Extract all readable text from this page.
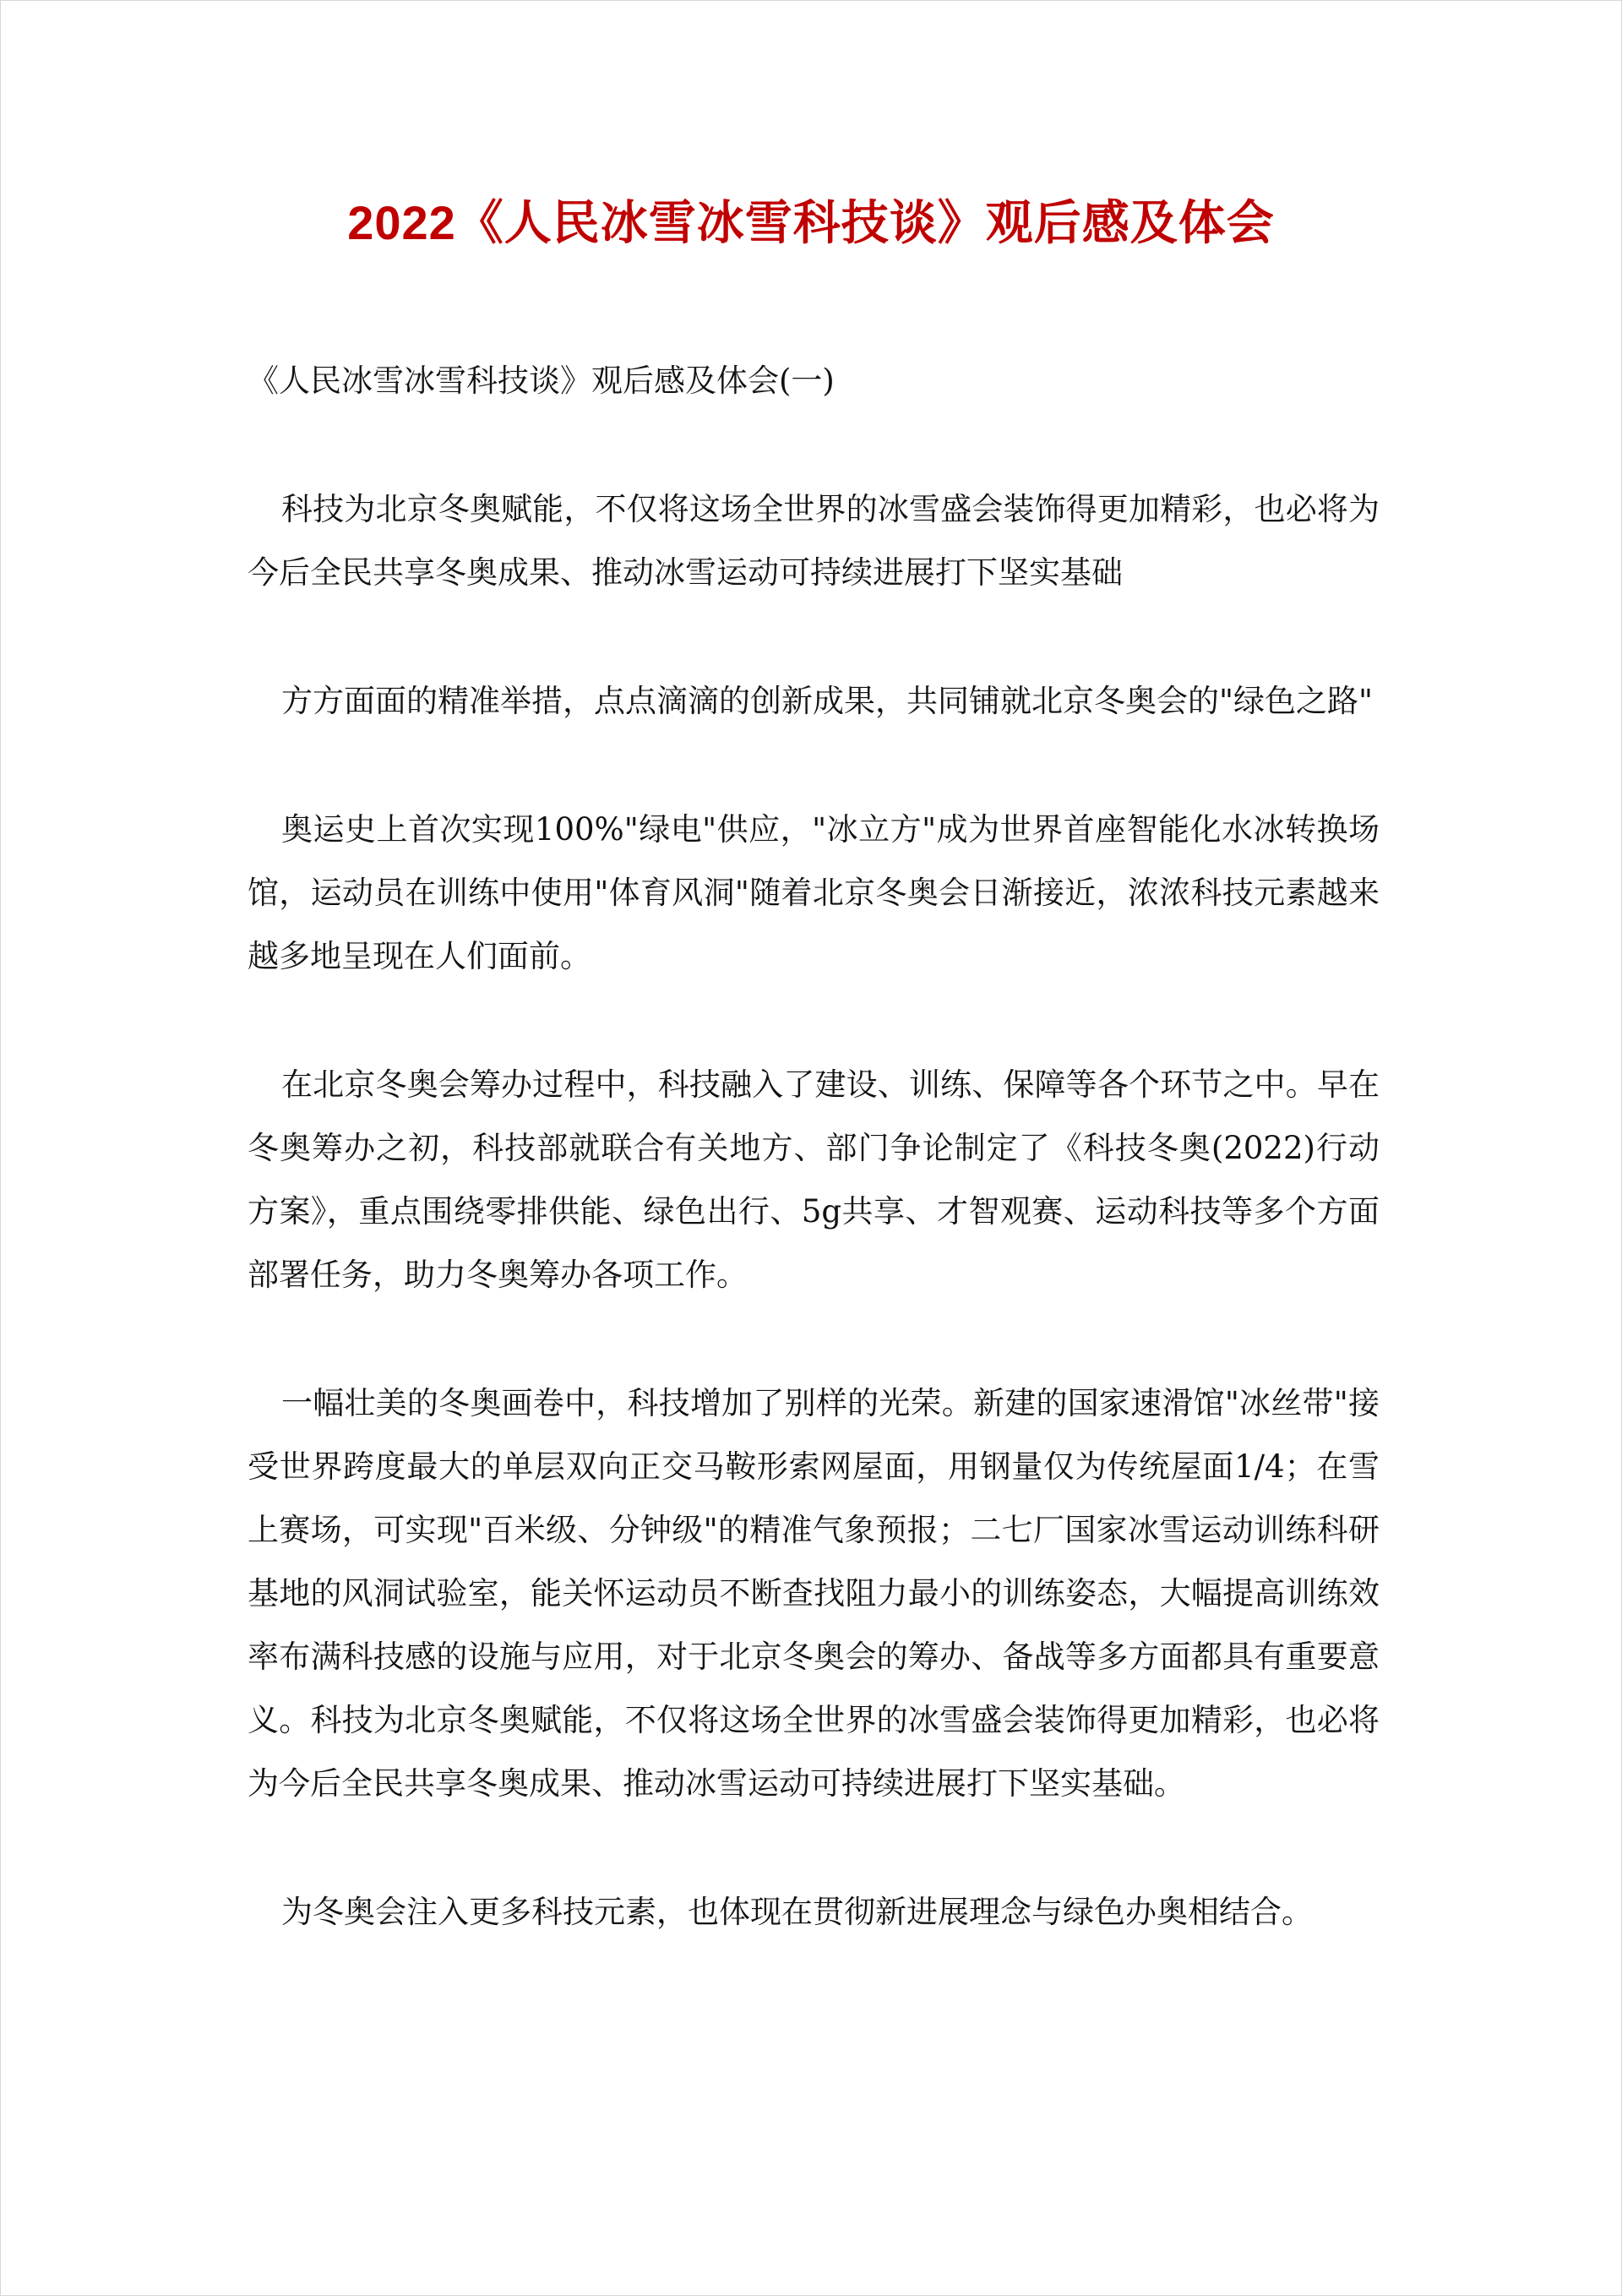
2022《人民冰雪冰雪科技谈》观后感及体会

《人民冰雪冰雪科技谈》观后感及体会(一)

科技为北京冬奥赋能，不仅将这场全世界的冰雪盛会装饰得更加精彩，也必将为今后全民共享冬奥成果、推动冰雪运动可持续进展打下坚实基础

方方面面的精准举措，点点滴滴的创新成果，共同铺就北京冬奥会的"绿色之路"

奥运史上首次实现100%"绿电"供应，"冰立方"成为世界首座智能化水冰转换场馆，运动员在训练中使用"体育风洞"随着北京冬奥会日渐接近，浓浓科技元素越来越多地呈现在人们面前。

在北京冬奥会筹办过程中，科技融入了建设、训练、保障等各个环节之中。早在冬奥筹办之初，科技部就联合有关地方、部门争论制定了《科技冬奥(2022)行动方案》，重点围绕零排供能、绿色出行、5g共享、才智观赛、运动科技等多个方面部署任务，助力冬奥筹办各项工作。

一幅壮美的冬奥画卷中，科技增加了别样的光荣。新建的国家速滑馆"冰丝带"接受世界跨度最大的单层双向正交马鞍形索网屋面，用钢量仅为传统屋面1/4；在雪上赛场，可实现"百米级、分钟级"的精准气象预报；二七厂国家冰雪运动训练科研基地的风洞试验室，能关怀运动员不断查找阻力最小的训练姿态，大幅提高训练效率布满科技感的设施与应用，对于北京冬奥会的筹办、备战等多方面都具有重要意义。科技为北京冬奥赋能，不仅将这场全世界的冰雪盛会装饰得更加精彩，也必将为今后全民共享冬奥成果、推动冰雪运动可持续进展打下坚实基础。

为冬奥会注入更多科技元素，也体现在贯彻新进展理念与绿色办奥相结合。
